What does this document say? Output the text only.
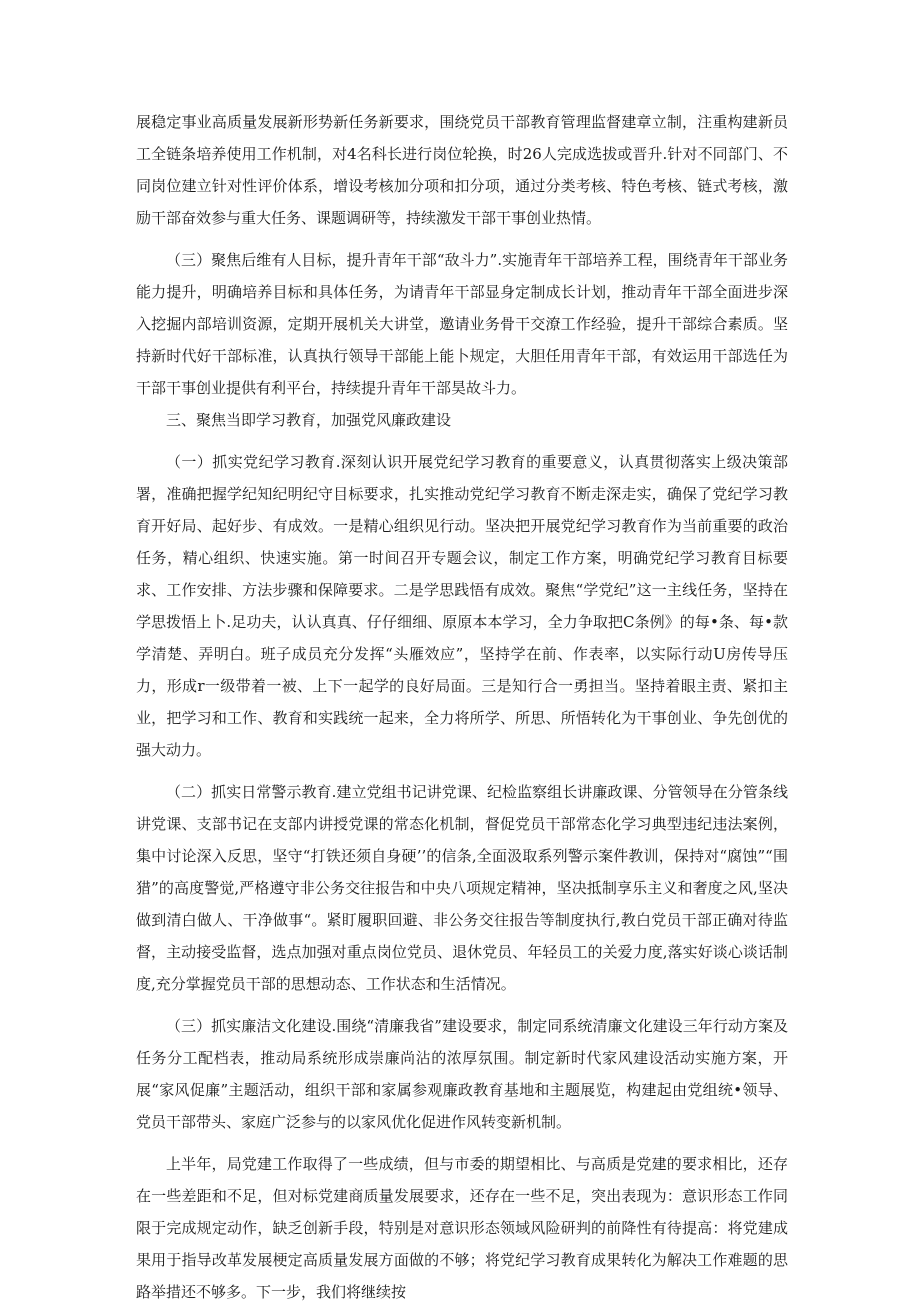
展稳定事业高质量发展新形势新任务新要求，围绕党员干部教育管理监督建章立制，注重构建新员工全链条培养使用工作机制，对4名科长进行岗位轮换，时26人完成选拔或晋升.针对不同部门、不同岗位建立针对性评价体系，增设考核加分项和扣分项，通过分类考核、特色考核、链式考核，激励干部奋效参与重大任务、课题调研等，持续激发干部干事创业热情。

（三）聚焦后维有人目标，提升青年干部“敌斗力”.实施青年干部培养工程，围绕青年干部业务能力提升，明确培养目标和具体任务，为请青年干部显身定制成长计划，推动青年干部全面进步深入挖掘内部培训资源，定期开展机关大讲堂，邀请业务骨干交潦工作经验，提升干部综合素质。坚持新时代好干部标准，认真执行领导干部能上能卜规定，大胆任用青年干部，有效运用干部选任为干部干事创业提供有利平台，持续提升青年干部昊故斗力。

三、聚焦当即学习教育，加强党风廉政建设

（一）抓实党纪学习教育.深刻认识开展党纪学习教育的重要意义，认真贯彻落实上级决策部署，准确把握学纪知纪明纪守目标要求，扎实推动党纪学习教育不断走深走实，确保了党纪学习教育开好局、起好步、有成效。一是精心组织见行动。坚决把开展党纪学习教育作为当前重要的政治任务，精心组织、快速实施。第一时间召开专题会议，制定工作方案，明确党纪学习教育目标要求、工作安排、方法步骤和保障要求。二是学思践悟有成效。聚焦“学党纪”这一主线任务，坚持在学思拨悟上卜.足功夫，认认真真、仔仔细细、原原本本学习，全力争取把C条例》的每•条、每•款学清楚、弄明白。班子成员充分发挥“头雁效应”，坚持学在前、作表率，以实际行动U房传导压力，形成r一级带着一被、上下一起学的良好局面。三是知行合一勇担当。坚持着眼主责、紧扣主业，把学习和工作、教育和实践统一起来，全力将所学、所思、所悟转化为干事创业、争先创优的强大动力。

（二）抓实日常警示教育.建立党组书记讲党课、纪检监察组长讲廉政课、分管领导在分管条线讲党课、支部书记在支部内讲授党课的常态化机制，督促党员干部常态化学习典型违纪违法案例，集中讨论深入反思，坚守“打铁还须自身硬’’的信条,全面汲取系列警示案件教训，保持对“腐蚀”“围猎”的高度警觉,严格遵守非公务交往报告和中央八项规定精神，坚决抵制享乐主义和奢度之风,坚决做到清白做人、干净做事“。紧盯履职回避、非公务交往报告等制度执行,教白党员干部正确对待监督，主动接受监督，选点加强对重点岗位党员、退休党员、年轻员工的关爱力度,落实好谈心谈话制度,充分掌握党员干部的思想动态、工作状态和生活情况。

（三）抓实廉洁文化建设.围绕“清廉我省”建设要求，制定同系统清廉文化建设三年行动方案及任务分工配档表，推动局系统形成崇廉尚沾的浓厚氛围。制定新时代家风建设活动实施方案，开展“家风促廉”主题活动，组织干部和家属参观廉政教育基地和主题展览，构建起由党组统•领导、党员干部带头、家庭广泛参与的以家风优化促进作风转变新机制。

上半年，局党建工作取得了一些成绩，但与市委的期望相比、与高质是党建的要求相比，还存在一些差距和不足，但对标党建商质量发展要求，还存在一些不足，突出表现为：意识形态工作同限于完成规定动作，缺乏创新手段，特别是对意识形态领域风险研判的前降性有待提高：将党建成果用于指导改革发展梗定高质量发展方面做的不够；将党纪学习教育成果转化为解决工作难题的思路举措还不够多。下一步，我们将继续按
